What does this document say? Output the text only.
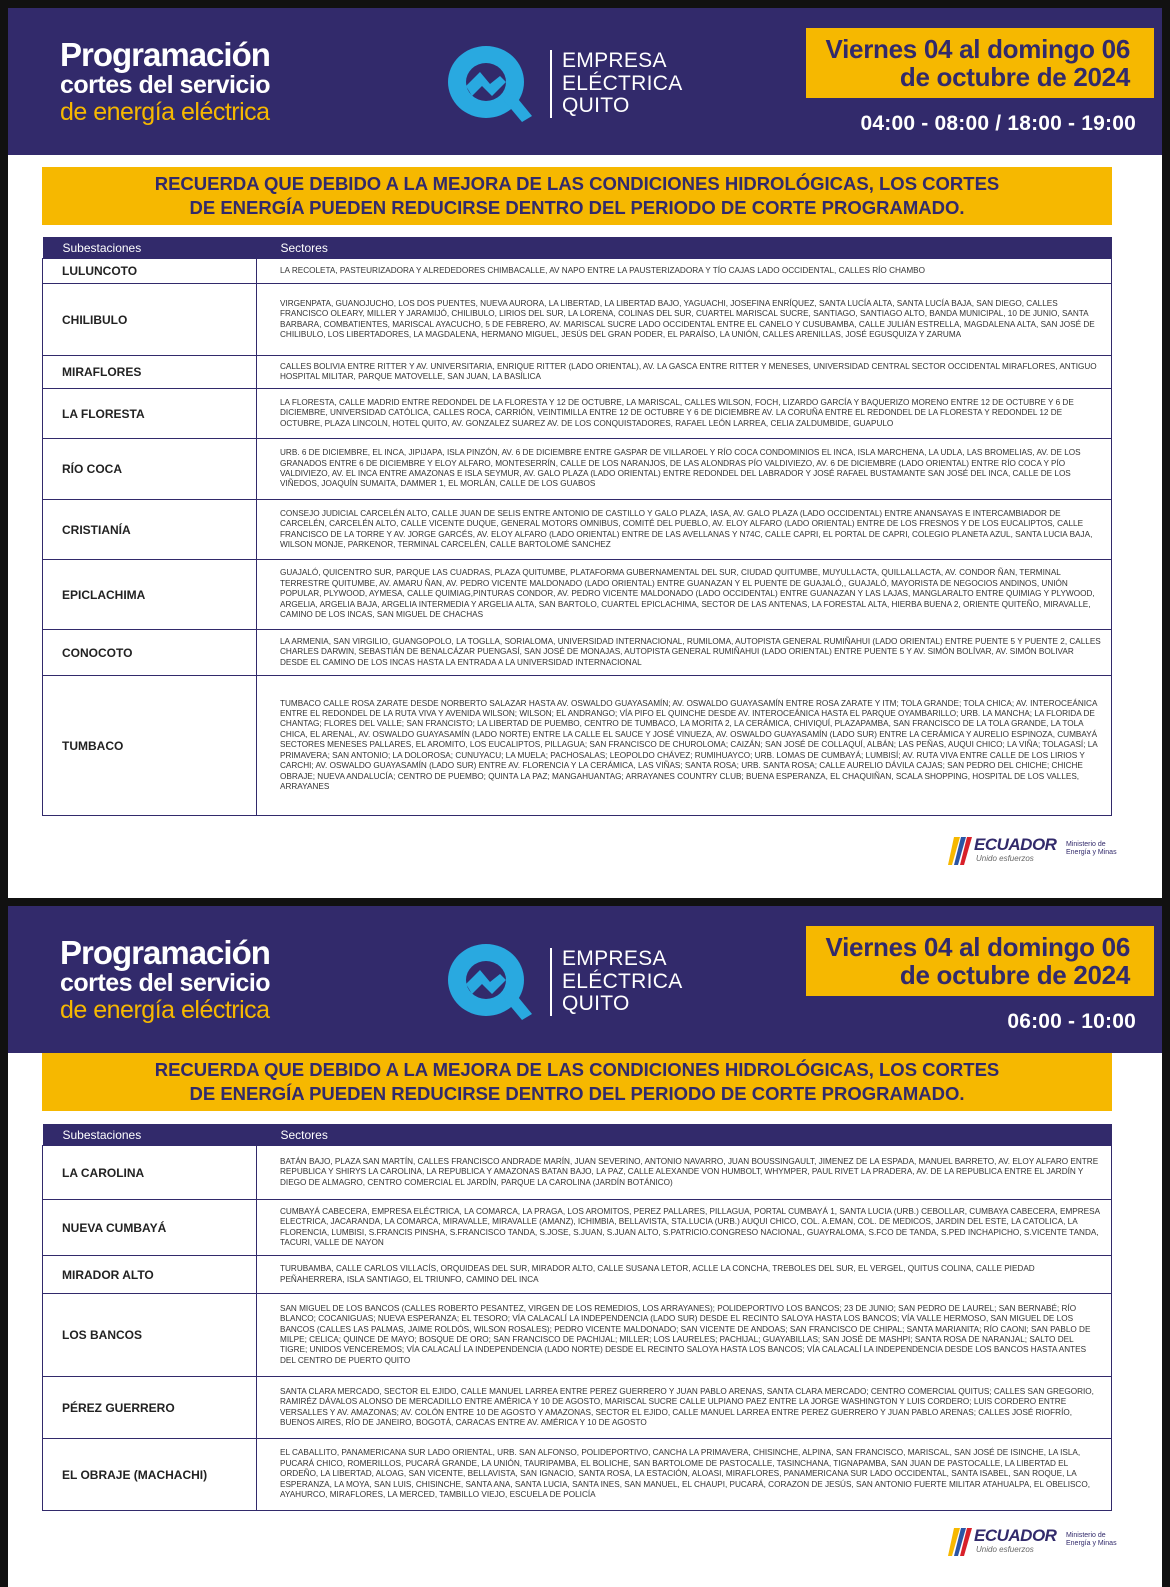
Programación
cortes del servicio
de energía eléctrica
EMPRESA
ELÉCTRICA
QUITO
Viernes 04 al domingo 06
de octubre de 2024
04:00 - 08:00 / 18:00 - 19:00
RECUERDA QUE DEBIDO A LA MEJORA DE LAS CONDICIONES HIDROLÓGICAS, LOS CORTES
DE ENERGÍA PUEDEN REDUCIRSE DENTRO DEL PERIODO DE CORTE PROGRAMADO.
Subestaciones	Sectores
LULUNCOTO	LA RECOLETA, PASTEURIZADORA Y ALREDEDORES CHIMBACALLE, AV NAPO ENTRE LA PAUSTERIZADORA Y TÍO CAJAS LADO OCCIDENTAL, CALLES RÍO CHAMBO
CHILIBULO	VIRGENPATA, GUANOJUCHO, LOS DOS PUENTES, NUEVA AURORA, LA LIBERTAD, LA LIBERTAD BAJO, YAGUACHI, JOSEFINA ENRÍQUEZ, SANTA LUCÍA ALTA, SANTA LUCÍA BAJA, SAN DIEGO, CALLES FRANCISCO OLEARY, MILLER Y JARAMIJÓ, CHILIBULO, LIRIOS DEL SUR, LA LORENA, COLINAS DEL SUR, CUARTEL MARISCAL SUCRE, SANTIAGO, SANTIAGO ALTO, BANDA MUNICIPAL, 10 DE JUNIO, SANTA BARBARA, COMBATIENTES, MARISCAL AYACUCHO, 5 DE FEBRERO, AV. MARISCAL SUCRE LADO OCCIDENTAL ENTRE EL CANELO Y CUSUBAMBA, CALLE JULIÁN ESTRELLA, MAGDALENA ALTA, SAN JOSÉ DE CHILIBULO, LOS LIBERTADORES, LA MAGDALENA, HERMANO MIGUEL, JESÚS DEL GRAN PODER, EL PARAÍSO, LA UNIÓN, CALLES ARENILLAS, JOSÉ EGUSQUIZA Y ZARUMA
MIRAFLORES	CALLES BOLIVIA ENTRE RITTER Y AV. UNIVERSITARIA, ENRIQUE RITTER (LADO ORIENTAL), AV. LA GASCA ENTRE RITTER Y MENESES, UNIVERSIDAD CENTRAL SECTOR OCCIDENTAL MIRAFLORES, ANTIGUO HOSPITAL MILITAR, PARQUE MATOVELLE, SAN JUAN, LA BASÍLICA
LA FLORESTA	LA FLORESTA, CALLE MADRID ENTRE REDONDEL DE LA FLORESTA Y 12 DE OCTUBRE, LA MARISCAL, CALLES WILSON, FOCH, LIZARDO GARCÍA Y BAQUERIZO MORENO ENTRE 12 DE OCTUBRE Y 6 DE DICIEMBRE, UNIVERSIDAD CATÓLICA, CALLES ROCA, CARRIÓN, VEINTIMILLA ENTRE 12 DE OCTUBRE Y 6 DE DICIEMBRE AV. LA CORUÑA ENTRE EL REDONDEL DE LA FLORESTA Y REDONDEL 12 DE OCTUBRE, PLAZA LINCOLN, HOTEL QUITO, AV. GONZALEZ SUAREZ AV. DE LOS CONQUISTADORES, RAFAEL LEÓN LARREA, CELIA ZALDUMBIDE, GUAPULO
RÍO COCA	URB. 6 DE DICIEMBRE, EL INCA, JIPIJAPA, ISLA PINZÓN, AV. 6 DE DICIEMBRE ENTRE GASPAR DE VILLAROEL Y RÍO COCA CONDOMINIOS EL INCA, ISLA MARCHENA, LA UDLA, LAS BROMELIAS, AV. DE LOS GRANADOS ENTRE 6 DE DICIEMBRE Y ELOY ALFARO, MONTESERRÍN, CALLE DE LOS NARANJOS, DE LAS ALONDRAS PÍO VALDIVIEZO, AV. 6 DE DICIEMBRE (LADO ORIENTAL) ENTRE RÍO COCA Y PÍO VALDIVIEZO, AV. EL INCA ENTRE AMAZONAS E ISLA SEYMUR, AV. GALO PLAZA (LADO ORIENTAL) ENTRE REDONDEL DEL LABRADOR Y JOSÉ RAFAEL BUSTAMANTE SAN JOSÉ DEL INCA, CALLE DE LOS VIÑEDOS, JOAQUÍN SUMAITA, DAMMER 1, EL MORLÁN, CALLE DE LOS GUABOS
CRISTIANÍA	CONSEJO JUDICIAL CARCELÉN ALTO, CALLE JUAN DE SELIS ENTRE ANTONIO DE CASTILLO Y GALO PLAZA, IASA, AV. GALO PLAZA (LADO OCCIDENTAL) ENTRE ANANSAYAS E INTERCAMBIADOR DE CARCELÉN, CARCELÉN ALTO, CALLE VICENTE DUQUE, GENERAL MOTORS OMNIBUS, COMITÉ DEL PUEBLO, AV. ELOY ALFARO (LADO ORIENTAL) ENTRE DE LOS FRESNOS Y DE LOS EUCALIPTOS, CALLE FRANCISCO DE LA TORRE Y AV. JORGE GARCÉS, AV. ELOY ALFARO (LADO ORIENTAL) ENTRE DE LAS AVELLANAS Y N74C, CALLE CAPRI, EL PORTAL DE CAPRI, COLEGIO PLANETA AZUL, SANTA LUCIA BAJA, WILSON MONJE, PARKENOR, TERMINAL CARCELÉN, CALLE BARTOLOMÉ SANCHEZ
EPICLACHIMA	GUAJALÓ, QUICENTRO SUR, PARQUE LAS CUADRAS, PLAZA QUITUMBE, PLATAFORMA GUBERNAMENTAL DEL SUR, CIUDAD QUITUMBE, MUYULLACTA, QUILLALLACTA, AV. CONDOR ÑAN, TERMINAL TERRESTRE QUITUMBE, AV. AMARU ÑAN, AV. PEDRO VICENTE MALDONADO (LADO ORIENTAL) ENTRE GUANAZAN Y EL PUENTE DE GUAJALÓ,, GUAJALÓ, MAYORISTA DE NEGOCIOS ANDINOS, UNIÓN POPULAR, PLYWOOD, AYMESA, CALLE QUIMIAG,PINTURAS CONDOR, AV. PEDRO VICENTE MALDONADO (LADO OCCIDENTAL) ENTRE GUANAZAN Y LAS LAJAS, MANGLARALTO ENTRE QUIMIAG Y PLYWOOD, ARGELIA, ARGELIA BAJA, ARGELIA INTERMEDIA Y ARGELIA ALTA, SAN BARTOLO, CUARTEL EPICLACHIMA, SECTOR DE LAS ANTENAS, LA FORESTAL ALTA, HIERBA BUENA 2, ORIENTE QUITEÑO, MIRAVALLE, CAMINO DE LOS INCAS, SAN MIGUEL DE CHACHAS
CONOCOTO	LA ARMENIA, SAN VIRGILIO, GUANGOPOLO, LA TOGLLA, SORIALOMA, UNIVERSIDAD INTERNACIONAL, RUMILOMA, AUTOPISTA GENERAL RUMIÑAHUI (LADO ORIENTAL) ENTRE PUENTE 5 Y PUENTE 2, CALLES CHARLES DARWIN, SEBASTIÁN DE BENALCÁZAR PUENGASÍ, SAN JOSÉ DE MONAJAS, AUTOPISTA GENERAL RUMIÑAHUI (LADO ORIENTAL) ENTRE PUENTE 5 Y AV. SIMÓN BOLÍVAR, AV. SIMÓN BOLIVAR DESDE EL CAMINO DE LOS INCAS HASTA LA ENTRADA A LA UNIVERSIDAD INTERNACIONAL
TUMBACO	TUMBACO CALLE ROSA ZARATE DESDE NORBERTO SALAZAR HASTA AV. OSWALDO GUAYASAMÍN; AV. OSWALDO GUAYASAMÍN ENTRE ROSA ZARATE Y ITM; TOLA GRANDE; TOLA CHICA; AV. INTEROCEÁNICA ENTRE EL REDONDEL DE LA RUTA VIVA Y AVENIDA WILSON; WILSON; EL ANDRANGO; VÍA PIFO EL QUINCHE DESDE AV. INTEROCEÁNICA HASTA EL PARQUE OYAMBARILLO; URB. LA MANCHA; LA FLORIDA DE CHANTAG; FLORES DEL VALLE; SAN FRANCISTO; LA LIBERTAD DE PUEMBO, CENTRO DE TUMBACO, LA MORITA 2, LA CERÁMICA, CHIVIQUÍ, PLAZAPAMBA, SAN FRANCISCO DE LA TOLA GRANDE, LA TOLA CHICA, EL ARENAL, AV. OSWALDO GUAYASAMÍN (LADO NORTE) ENTRE LA CALLE EL SAUCE Y JOSÉ VINUEZA, AV. OSWALDO GUAYASAMÍN (LADO SUR) ENTRE LA CERÁMICA Y AURELIO ESPINOZA, CUMBAYÁ SECTORES MENESES PALLARES, EL AROMITO, LOS EUCALIPTOS, PILLAGUA; SAN FRANCISCO DE CHUROLOMA; CAIZÁN; SAN JOSÉ DE COLLAQUÍ, ALBÁN; LAS PEÑAS, AUQUI CHICO; LA VIÑA; TOLAGASÍ; LA PRIMAVERA; SAN ANTONIO; LA DOLOROSA; CUNUYACU; LA MUELA; PACHOSALAS; LEOPOLDO CHÁVEZ; RUMIHUAYCO; URB. LOMAS DE CUMBAYÁ; LUMBISÍ; AV. RUTA VIVA ENTRE CALLE DE LOS LIRIOS Y CARCHI; AV. OSWALDO GUAYASAMÍN (LADO SUR) ENTRE AV. FLORENCIA Y LA CERÁMICA, LAS VIÑAS; SANTA ROSA; URB. SANTA ROSA; CALLE AURELIO DÁVILA CAJAS; SAN PEDRO DEL CHICHE; CHICHE OBRAJE; NUEVA ANDALUCÍA; CENTRO DE PUEMBO; QUINTA LA PAZ; MANGAHUANTAG; ARRAYANES COUNTRY CLUB; BUENA ESPERANZA, EL CHAQUIÑAN, SCALA SHOPPING, HOSPITAL DE LOS VALLES, ARRAYANES
ECUADOR
Unido esfuerzos
Ministerio de
Energía y Minas
Programación
cortes del servicio
de energía eléctrica
EMPRESA
ELÉCTRICA
QUITO
Viernes 04 al domingo 06
de octubre de 2024
06:00 - 10:00
RECUERDA QUE DEBIDO A LA MEJORA DE LAS CONDICIONES HIDROLÓGICAS, LOS CORTES
DE ENERGÍA PUEDEN REDUCIRSE DENTRO DEL PERIODO DE CORTE PROGRAMADO.
Subestaciones	Sectores
LA CAROLINA	BATÁN BAJO, PLAZA SAN MARTÍN, CALLES FRANCISCO ANDRADE MARÍN, JUAN SEVERINO, ANTONIO NAVARRO, JUAN BOUSSINGAULT, JIMENEZ DE LA ESPADA, MANUEL BARRETO, AV. ELOY ALFARO ENTRE REPUBLICA Y SHIRYS LA CAROLINA, LA REPUBLICA Y AMAZONAS BATAN BAJO, LA PAZ, CALLE ALEXANDE VON HUMBOLT, WHYMPER, PAUL RIVET LA PRADERA, AV. DE LA REPUBLICA ENTRE EL JARDÍN Y DIEGO DE ALMAGRO, CENTRO COMERCIAL EL JARDÍN, PARQUE LA CAROLINA (JARDÍN BOTÁNICO)
NUEVA CUMBAYÁ	CUMBAYÁ CABECERA, EMPRESA ELÉCTRICA, LA COMARCA, LA PRAGA, LOS AROMITOS, PEREZ PALLARES, PILLAGUA, PORTAL CUMBAYÁ 1, SANTA LUCIA (URB.) CEBOLLAR, CUMBAYA CABECERA, EMPRESA ELECTRICA, JACARANDA, LA COMARCA, MIRAVALLE, MIRAVALLE (AMANZ), ICHIMBIA, BELLAVISTA, STA.LUCIA (URB.) AUQUI CHICO, COL. A.EMAN, COL. DE MEDICOS, JARDIN DEL ESTE, LA CATOLICA, LA FLORENCIA, LUMBISI, S.FRANCIS PINSHA, S.FRANCISCO TANDA, S.JOSE, S.JUAN, S.JUAN ALTO, S.PATRICIO.CONGRESO NACIONAL, GUAYRALOMA, S.FCO DE TANDA, S.PED INCHAPICHO, S.VICENTE TANDA, TACURI, VALLE DE NAYON
MIRADOR ALTO	TURUBAMBA, CALLE CARLOS VILLACÍS, ORQUIDEAS DEL SUR, MIRADOR ALTO, CALLE SUSANA LETOR, ACLLE LA CONCHA, TREBOLES DEL SUR, EL VERGEL, QUITUS COLINA, CALLE PIEDAD PEÑAHERRERA, ISLA SANTIAGO, EL TRIUNFO, CAMINO DEL INCA
LOS BANCOS	SAN MIGUEL DE LOS BANCOS (CALLES ROBERTO PESANTEZ, VIRGEN DE LOS REMEDIOS, LOS ARRAYANES); POLIDEPORTIVO LOS BANCOS; 23 DE JUNIO; SAN PEDRO DE LAUREL; SAN BERNABÉ; RÍO BLANCO; COCANIGUAS; NUEVA ESPERANZA; EL TESORO; VÍA CALACALÍ LA INDEPENDENCIA (LADO SUR) DESDE EL RECINTO SALOYA HASTA LOS BANCOS; VÍA VALLE HERMOSO, SAN MIGUEL DE LOS BANCOS (CALLES LAS PALMAS, JAIME ROLDÓS, WILSON ROSALES); PEDRO VICENTE MALDONADO; SAN VICENTE DE ANDOAS; SAN FRANCISCO DE CHIPAL; SANTA MARIANITA; RÍO CAONI; SAN PABLO DE MILPE; CELICA; QUINCE DE MAYO; BOSQUE DE ORO; SAN FRANCISCO DE PACHIJAL; MILLER; LOS LAURELES; PACHIJAL; GUAYABILLAS; SAN JOSÉ DE MASHPI; SANTA ROSA DE NARANJAL; SALTO DEL TIGRE; UNIDOS VENCEREMOS; VÍA CALACALÍ LA INDEPENDENCIA (LADO NORTE) DESDE EL RECINTO SALOYA HASTA LOS BANCOS; VÍA CALACALÍ LA INDEPENDENCIA DESDE LOS BANCOS HASTA ANTES DEL CENTRO DE PUERTO QUITO
PÉREZ GUERRERO	SANTA CLARA MERCADO, SECTOR EL EJIDO, CALLE MANUEL LARREA ENTRE PEREZ GUERRERO Y JUAN PABLO ARENAS, SANTA CLARA MERCADO; CENTRO COMERCIAL QUITUS; CALLES SAN GREGORIO, RAMIRÉZ DÁVALOS ALONSO DE MERCADILLO ENTRE AMÉRICA Y 10 DE AGOSTO, MARISCAL SUCRE CALLE ULPIANO PAEZ ENTRE LA JORGE WASHINGTON Y LUIS CORDERO; LUIS CORDERO ENTRE VERSALLES Y AV. AMAZONAS; AV. COLÓN ENTRE 10 DE AGOSTO Y AMAZONAS, SECTOR EL EJIDO, CALLE MANUEL LARREA ENTRE PEREZ GUERRERO Y JUAN PABLO ARENAS; CALLES JOSÉ RIOFRÍO, BUENOS AIRES, RÍO DE JANEIRO, BOGOTÁ, CARACAS ENTRE AV. AMÉRICA Y 10 DE AGOSTO
EL OBRAJE (MACHACHI)	EL CABALLITO, PANAMERICANA SUR LADO ORIENTAL, URB. SAN ALFONSO, POLIDEPORTIVO, CANCHA LA PRIMAVERA, CHISINCHE, ALPINA, SAN FRANCISCO, MARISCAL, SAN JOSÉ DE ISINCHE, LA ISLA, PUCARÁ CHICO, ROMERILLOS, PUCARÁ GRANDE, LA UNIÓN, TAURIPAMBA, EL BOLICHE, SAN BARTOLOME DE PASTOCALLE, TASINCHANA, TIGNAPAMBA, SAN JUAN DE PASTOCALLE, LA LIBERTAD EL ORDEÑO, LA LIBERTAD, ALOAG, SAN VICENTE, BELLAVISTA, SAN IGNACIO, SANTA ROSA, LA ESTACIÓN, ALOASI, MIRAFLORES, PANAMERICANA SUR LADO OCCIDENTAL, SANTA ISABEL, SAN ROQUE, LA ESPERANZA, LA MOYA, SAN LUIS, CHISINCHE, SANTA ANA, SANTA LUCIA, SANTA INES, SAN MANUEL, EL CHAUPI, PUCARÁ, CORAZON DE JESÚS, SAN ANTONIO FUERTE MILITAR ATAHUALPA, EL OBELISCO, AYAHURCO, MIRAFLORES, LA MERCED, TAMBILLO VIEJO, ESCUELA DE POLICÍA
ECUADOR
Unido esfuerzos
Ministerio de
Energía y Minas
